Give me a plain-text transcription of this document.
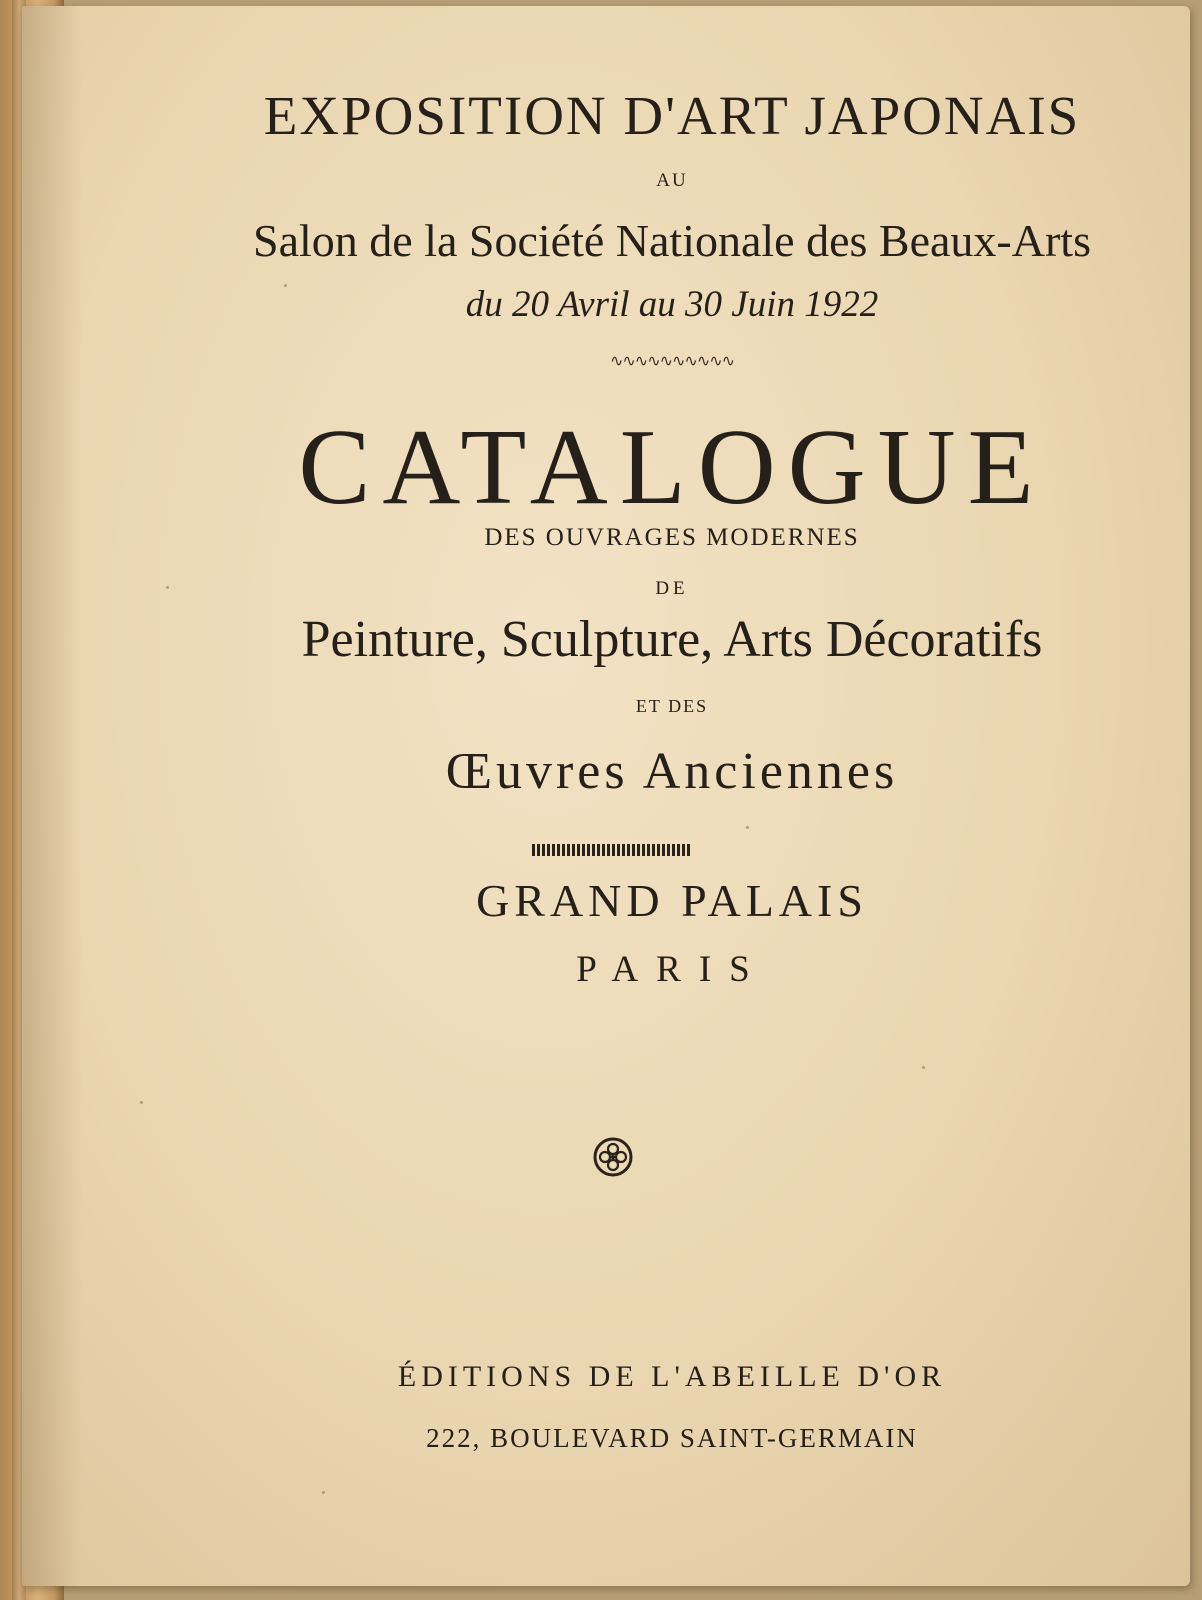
EXPOSITION D'ART JAPONAIS
AU
Salon de la Société Nationale des Beaux-Arts
du 20 Avril au 30 Juin 1922
∿∿∿∿∿∿∿∿∿∿
CATALOGUE
DES OUVRAGES MODERNES
DE
Peinture, Sculpture, Arts Décoratifs
ET DES
Œuvres Anciennes
GRAND PALAIS
PARIS
ÉDITIONS DE L'ABEILLE D'OR
222, BOULEVARD SAINT-GERMAIN
